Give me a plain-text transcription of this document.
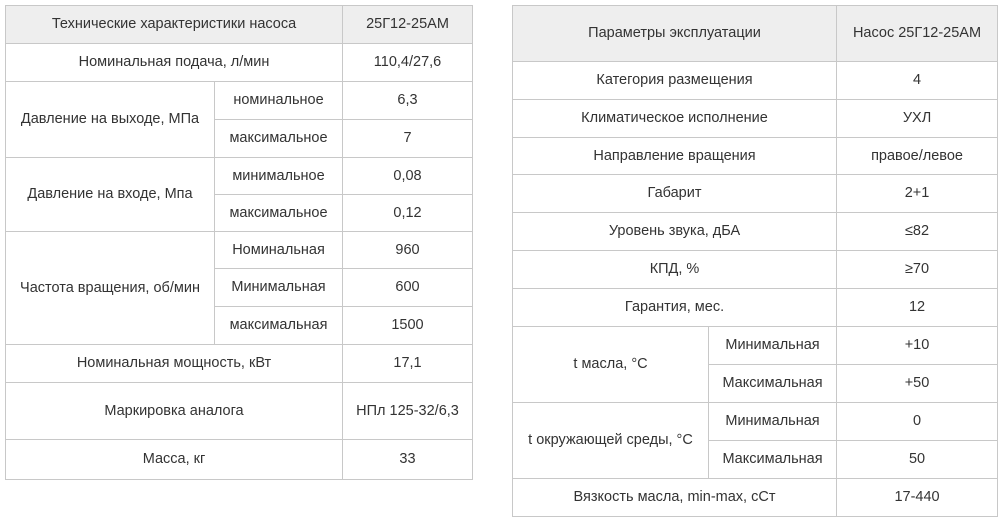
Технические характеристики насоса		25Г12-25АМ
Номинальная подача, л/мин		110,4/27,6
Давление на выходе, МПа	номинальное	6,3
	максимальное	7
Давление на входе, Мпа	минимальное	0,08
	максимальное	0,12
Частота вращения, об/мин	Номинальная	960
	Минимальная	600
	максимальная	1500
Номинальная мощность, кВт		17,1
Маркировка аналога		НПл 125-32/6,3
Масса, кг		33
Параметры эксплуатации		Насос 25Г12-25АМ
Категория размещения		4
Климатическое исполнение		УХЛ
Направление вращения		правое/левое
Габарит		2+1
Уровень звука, дБА		≤82
КПД, %		≥70
Гарантия, мес.		12
t масла, °C	Минимальная	+10
	Максимальная	+50
t окружающей среды, °C	Минимальная	0
	Максимальная	50
Вязкость масла, min-max, сСт		17-440
